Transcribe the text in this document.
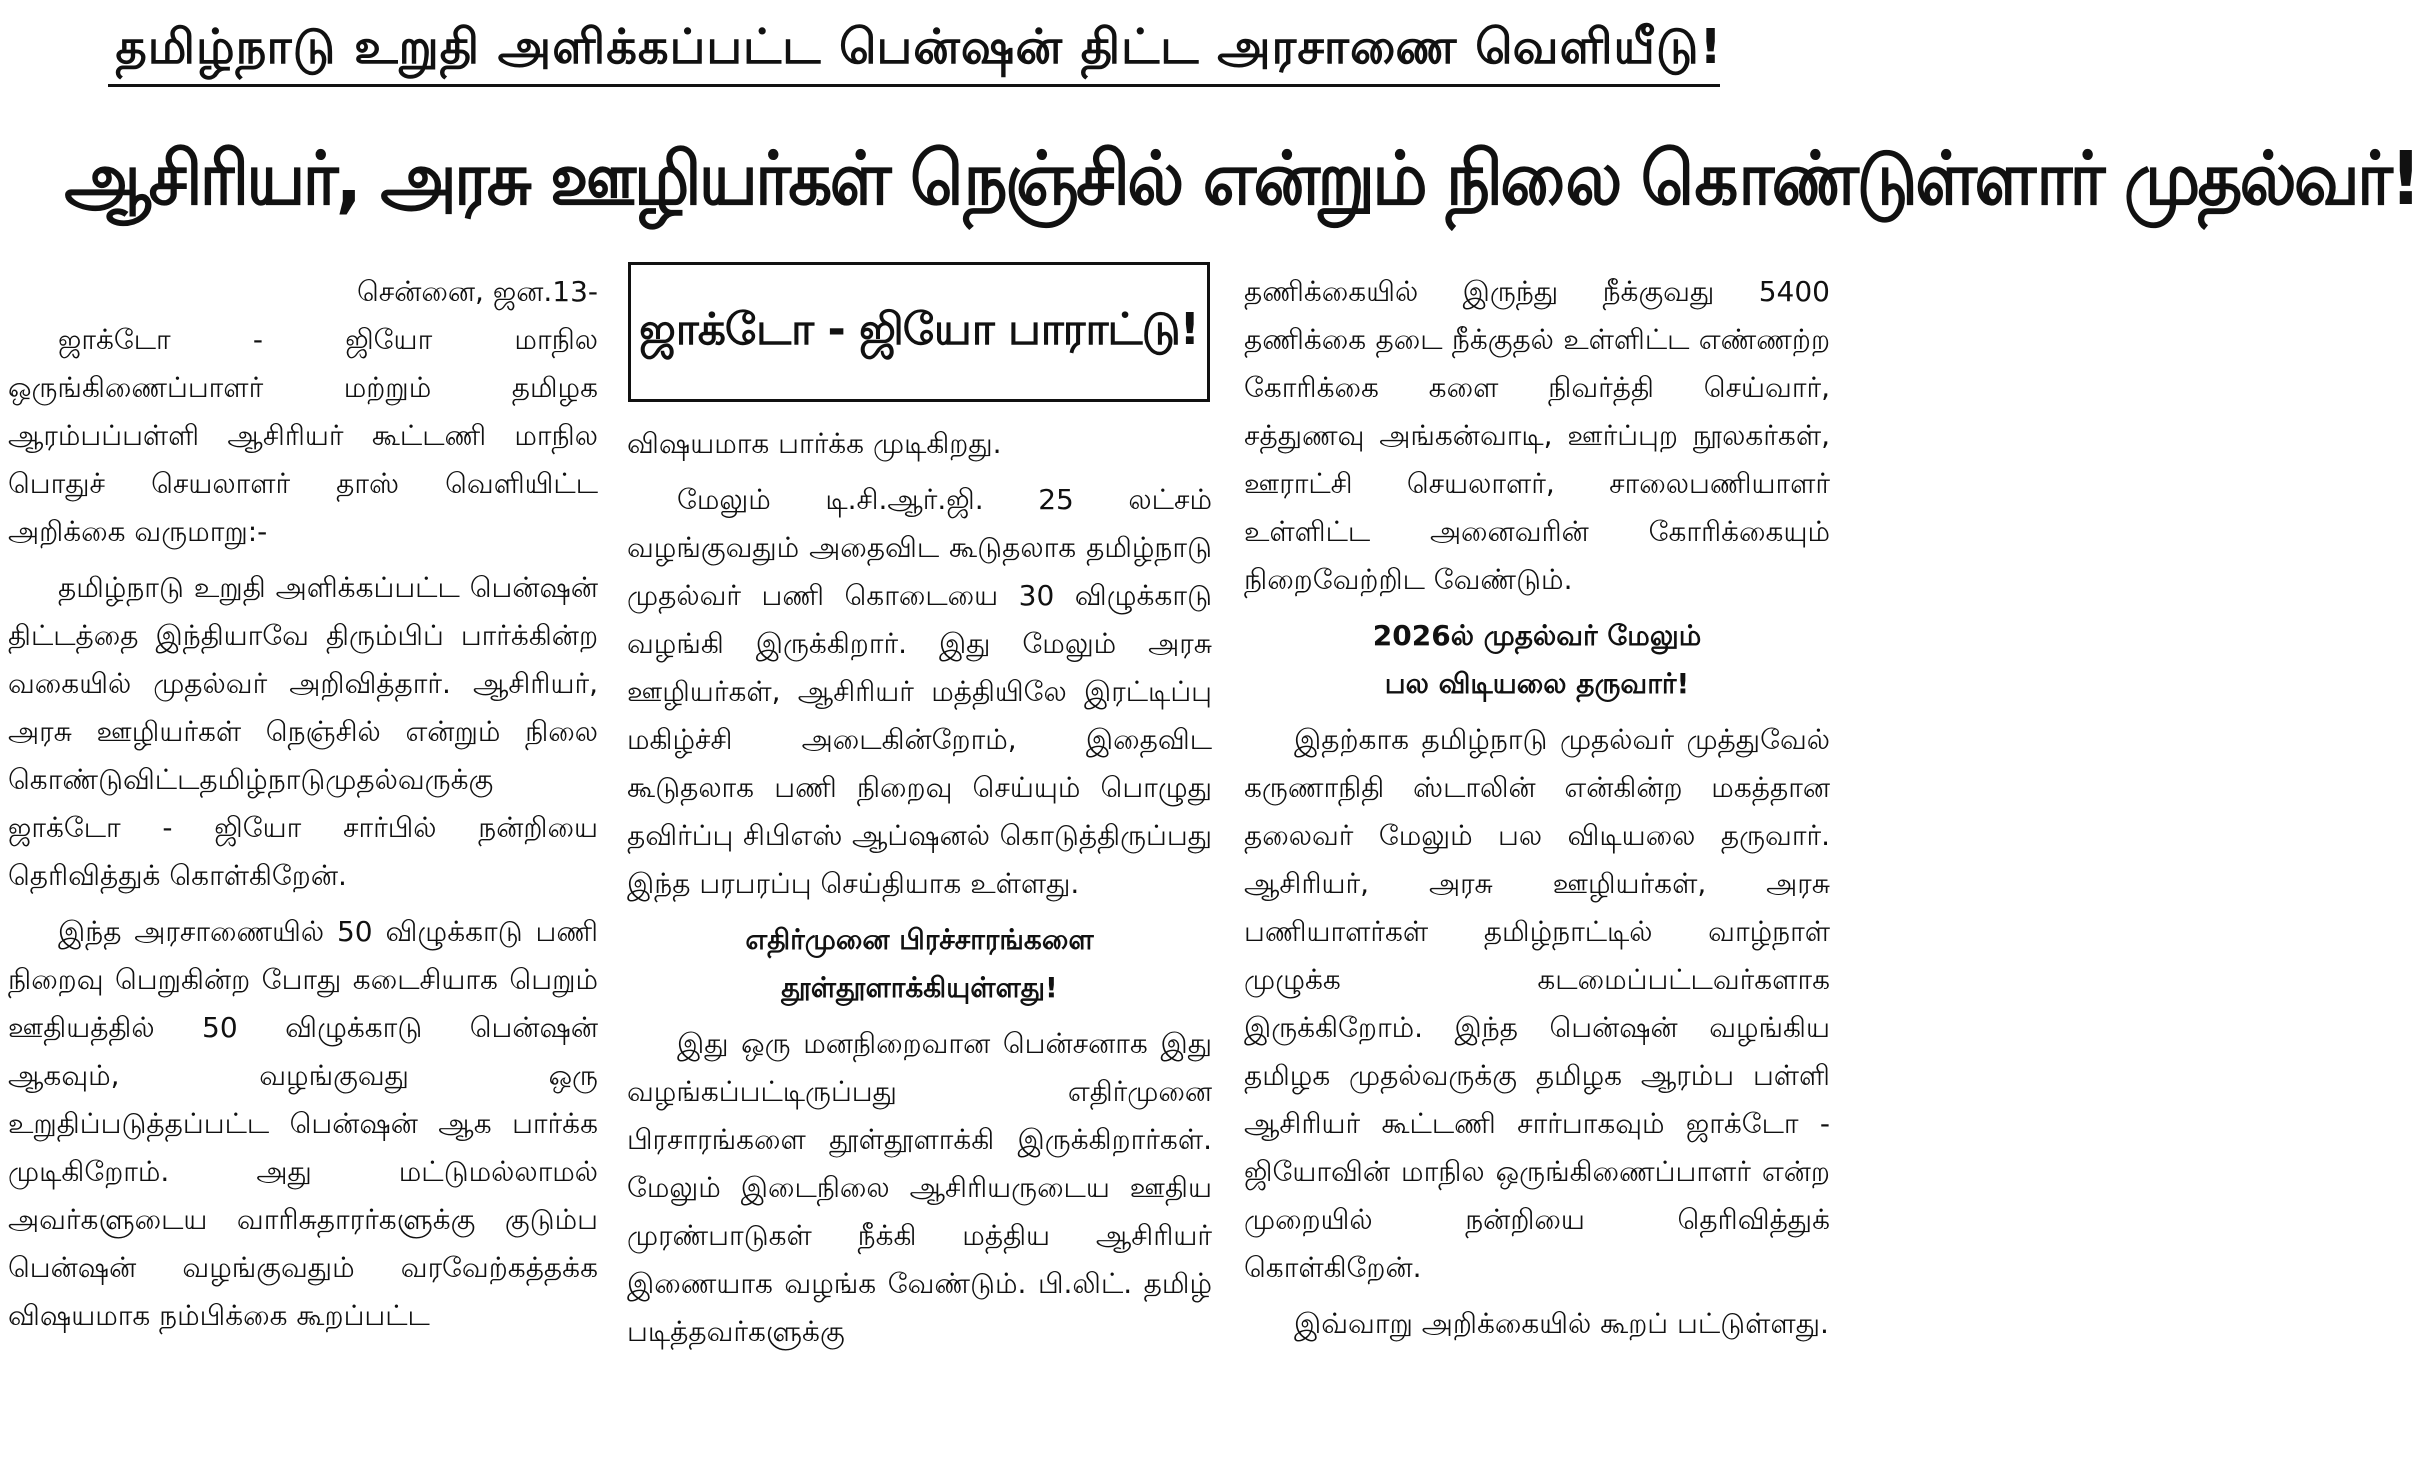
தமிழ்நாடு உறுதி அளிக்கப்பட்ட பென்ஷன் திட்ட அரசாணை வெளியீடு!
ஆசிரியர், அரசு ஊழியர்கள் நெஞ்சில் என்றும் நிலை கொண்டுள்ளார் முதல்வர்!

சென்னை, ஜன.13-

ஜாக்டோ - ஜியோ மாநில ஒருங்கிணைப்பாளர் மற்றும் தமிழக ஆரம்பப்பள்ளி ஆசிரியர் கூட்டணி மாநில பொதுச் செயலாளர் தாஸ் வெளியிட்ட அறிக்கை வருமாறு:-

தமிழ்நாடு உறுதி அளிக்கப்பட்ட பென்ஷன் திட்டத்தை இந்தியாவே திரும்பிப் பார்க்கின்ற வகையில் முதல்வர் அறிவித்தார். ஆசிரியர், அரசு ஊழியர்கள் நெஞ்சில் என்றும் நிலை கொண்டுவிட்டதமிழ்நாடுமுதல்வருக்கு ஜாக்டோ - ஜியோ சார்பில் நன்றியை தெரிவித்துக் கொள்கிறேன்.

இந்த அரசாணையில் 50 விழுக்காடு பணி நிறைவு பெறுகின்ற போது கடைசியாக பெறும் ஊதியத்தில் 50 விழுக்காடு பென்ஷன் ஆகவும், வழங்குவது ஒரு உறுதிப்படுத்தப்பட்ட பென்ஷன் ஆக பார்க்க முடிகிறோம். அது மட்டுமல்லாமல் அவர்களுடைய வாரிசுதாரர்களுக்கு குடும்ப பென்ஷன் வழங்குவதும் வரவேற்கத்தக்க விஷயமாக நம்பிக்கை கூறப்பட்ட

ஜாக்டோ - ஜியோ பாராட்டு!

விஷயமாக பார்க்க முடிகிறது.

மேலும் டி.சி.ஆர்.ஜி. 25 லட்சம் வழங்குவதும் அதைவிட கூடுதலாக தமிழ்நாடு முதல்வர் பணி கொடையை 30 விழுக்காடு வழங்கி இருக்கிறார். இது மேலும் அரசு ஊழியர்கள், ஆசிரியர் மத்தியிலே இரட்டிப்பு மகிழ்ச்சி அடைகின்றோம், இதைவிட கூடுதலாக பணி நிறைவு செய்யும் பொழுது தவிர்ப்பு சிபிஎஸ் ஆப்ஷனல் கொடுத்திருப்பது இந்த பரபரப்பு செய்தியாக உள்ளது.

எதிர்முனை பிரச்சாரங்களை
தூள்தூளாக்கியுள்ளது!

இது ஒரு மனநிறைவான பென்சனாக இது வழங்கப்பட்டிருப்பது எதிர்முனை பிரசாரங்களை தூள்தூளாக்கி இருக்கிறார்கள். மேலும் இடைநிலை ஆசிரியருடைய ஊதிய முரண்பாடுகள் நீக்கி மத்திய ஆசிரியர் இணையாக வழங்க வேண்டும். பி.லிட். தமிழ் படித்தவர்களுக்கு

தணிக்கையில் இருந்து நீக்குவது 5400 தணிக்கை தடை நீக்குதல் உள்ளிட்ட எண்ணற்ற கோரிக்கை களை நிவர்த்தி செய்வார், சத்துணவு அங்கன்வாடி, ஊர்ப்புற நூலகர்கள், ஊராட்சி செயலாளர், சாலைபணியாளர் உள்ளிட்ட அனைவரின் கோரிக்கையும் நிறைவேற்றிட வேண்டும்.

2026ல் முதல்வர் மேலும்
பல விடியலை தருவார்!

இதற்காக தமிழ்நாடு முதல்வர் முத்துவேல் கருணாநிதி ஸ்டாலின் என்கின்ற மகத்தான தலைவர் மேலும் பல விடியலை தருவார். ஆசிரியர், அரசு ஊழியர்கள், அரசு பணியாளர்கள் தமிழ்நாட்டில் வாழ்நாள் முழுக்க கடமைப்பட்டவர்களாக இருக்கிறோம். இந்த பென்ஷன் வழங்கிய தமிழக முதல்வருக்கு தமிழக ஆரம்ப பள்ளி ஆசிரியர் கூட்டணி சார்பாகவும் ஜாக்டோ - ஜியோவின் மாநில ஒருங்கிணைப்பாளர் என்ற முறையில் நன்றியை தெரிவித்துக் கொள்கிறேன்.

இவ்வாறு அறிக்கையில் கூறப் பட்டுள்ளது.
